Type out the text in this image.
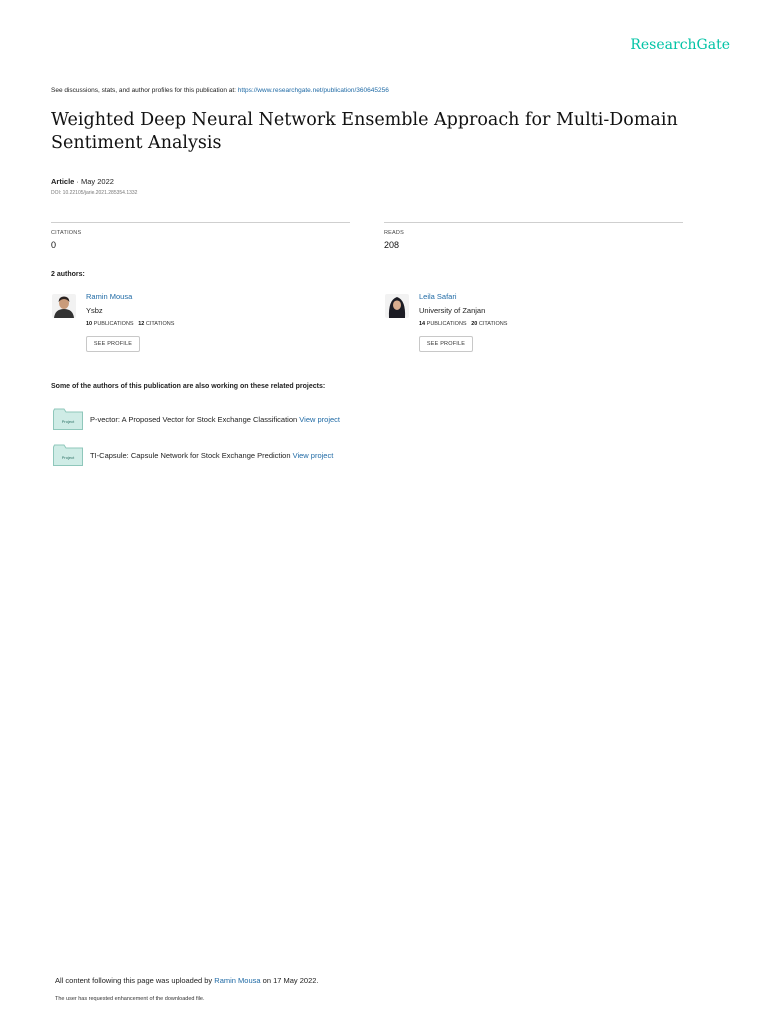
ResearchGate
See discussions, stats, and author profiles for this publication at: https://www.researchgate.net/publication/360645256
Weighted Deep Neural Network Ensemble Approach for Multi-Domain Sentiment Analysis
Article · May 2022
DOI: 10.22105/jarie.2021.285354.1332
CITATIONS
0
READS
208
2 authors:
Ramin Mousa
Ysbz
10 PUBLICATIONS 12 CITATIONS
SEE PROFILE
Leila Safari
University of Zanjan
14 PUBLICATIONS 20 CITATIONS
SEE PROFILE
Some of the authors of this publication are also working on these related projects:
Project P-vector: A Proposed Vector for Stock Exchange Classification View project
Project TI-Capsule: Capsule Network for Stock Exchange Prediction View project
All content following this page was uploaded by Ramin Mousa on 17 May 2022.
The user has requested enhancement of the downloaded file.
